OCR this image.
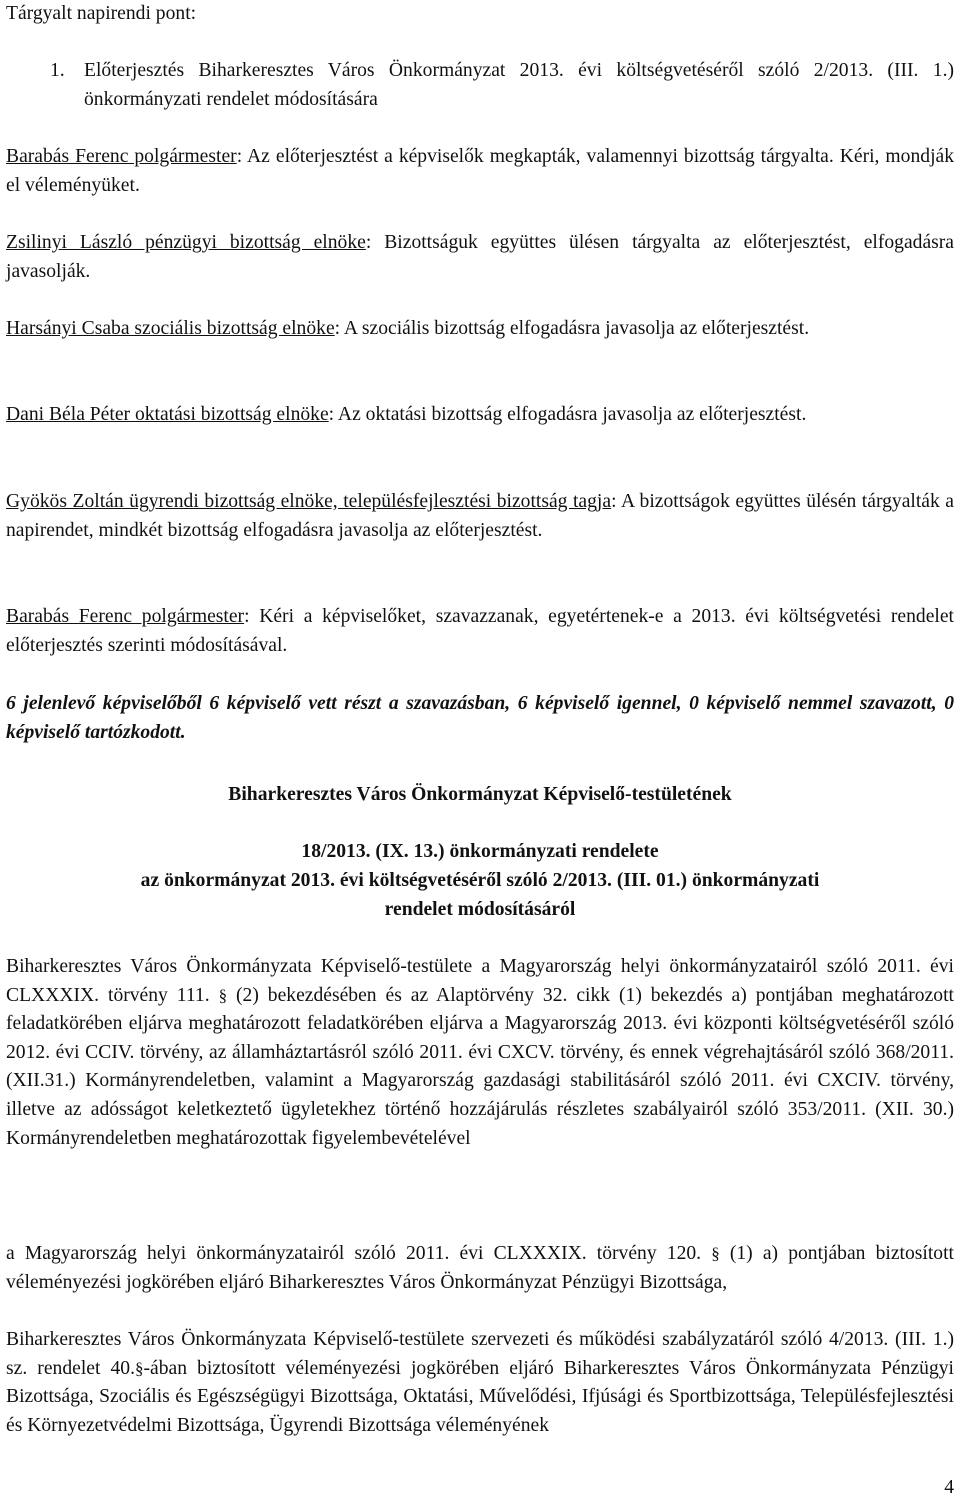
Tárgyalt napirendi pont:

1. Előterjesztés Biharkeresztes Város Önkormányzat 2013. évi költségvetéséről szóló 2/2013. (III. 1.) önkormányzati rendelet módosítására

Barabás Ferenc polgármester: Az előterjesztést a képviselők megkapták, valamennyi bizottság tárgyalta. Kéri, mondják el véleményüket.

Zsilinyi László pénzügyi bizottság elnöke: Bizottságuk együttes ülésen tárgyalta az előterjesztést, elfogadásra javasolják.

Harsányi Csaba szociális bizottság elnöke: A szociális bizottság elfogadásra javasolja az előterjesztést.

Dani Béla Péter oktatási bizottság elnöke: Az oktatási bizottság elfogadásra javasolja az előterjesztést.

Gyökös Zoltán ügyrendi bizottság elnöke, településfejlesztési bizottság tagja: A bizottságok együttes ülésén tárgyalták a napirendet, mindkét bizottság elfogadásra javasolja az előterjesztést.

Barabás Ferenc polgármester: Kéri a képviselőket, szavazzanak, egyetértenek-e a 2013. évi költségvetési rendelet előterjesztés szerinti módosításával.

6 jelenlevő képviselőből 6 képviselő vett részt a szavazásban, 6 képviselő igennel, 0 képviselő nemmel szavazott, 0 képviselő tartózkodott.

Biharkeresztes Város Önkormányzat Képviselő-testületének

18/2013. (IX. 13.) önkormányzati rendelete

az önkormányzat 2013. évi költségvetéséről szóló 2/2013. (III. 01.) önkormányzati

rendelet módosításáról

Biharkeresztes Város Önkormányzata Képviselő-testülete a Magyarország helyi önkormányzatairól szóló 2011. évi CLXXXIX. törvény 111. § (2) bekezdésében és az Alaptörvény 32. cikk (1) bekezdés a) pontjában meghatározott feladatkörében eljárva meghatározott feladatkörében eljárva a Magyarország 2013. évi központi költségvetéséről szóló 2012. évi CCIV. törvény, az államháztartásról szóló 2011. évi CXCV. törvény, és ennek végrehajtásáról szóló 368/2011. (XII.31.) Kormányrendeletben, valamint a Magyarország gazdasági stabilitásáról szóló 2011. évi CXCIV. törvény, illetve az adósságot keletkeztető ügyletekhez történő hozzájárulás részletes szabályairól szóló 353/2011. (XII. 30.) Kormányrendeletben meghatározottak figyelembevételével

a Magyarország helyi önkormányzatairól szóló 2011. évi CLXXXIX. törvény 120. § (1) a) pontjában biztosított véleményezési jogkörében eljáró Biharkeresztes Város Önkormányzat Pénzügyi Bizottsága,

Biharkeresztes Város Önkormányzata Képviselő-testülete szervezeti és működési szabályzatáról szóló 4/2013. (III. 1.) sz. rendelet 40.§-ában biztosított véleményezési jogkörében eljáró Biharkeresztes Város Önkormányzata Pénzügyi Bizottsága, Szociális és Egészségügyi Bizottsága, Oktatási, Művelődési, Ifjúsági és Sportbizottsága, Településfejlesztési és Környezetvédelmi Bizottsága, Ügyrendi Bizottsága véleményének

4
